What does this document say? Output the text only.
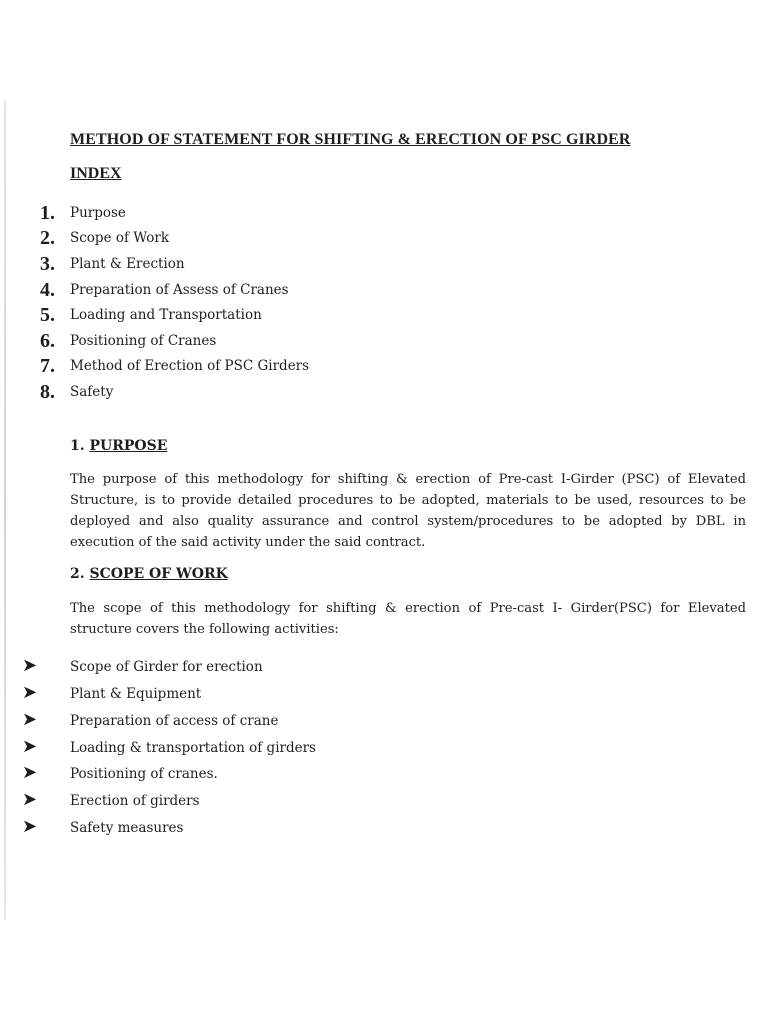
METHOD OF STATEMENT FOR SHIFTING & ERECTION OF PSC GIRDER
INDEX
1.	Purpose
2.	Scope of Work
3.	Plant & Erection
4.	Preparation of Assess of Cranes
5.	Loading and Transportation
6.	Positioning of Cranes
7.	Method of Erection of PSC Girders
8.	Safety
1. PURPOSE

The purpose of this methodology for shifting & erection of Pre-cast I-Girder (PSC) of Elevated Structure, is to provide detailed procedures to be adopted, materials to be used, resources to be deployed and also quality assurance and control system/procedures to be adopted by DBL in execution of the said activity under the said contract.

2. SCOPE OF WORK

The scope of this methodology for shifting & erection of Pre-cast I- Girder(PSC) for Elevated structure covers the following activities:

➤ Scope of Girder for erection
➤ Plant & Equipment
➤ Preparation of access of crane
➤ Loading & transportation of girders
➤ Positioning of cranes.
➤ Erection of girders
➤ Safety measures
